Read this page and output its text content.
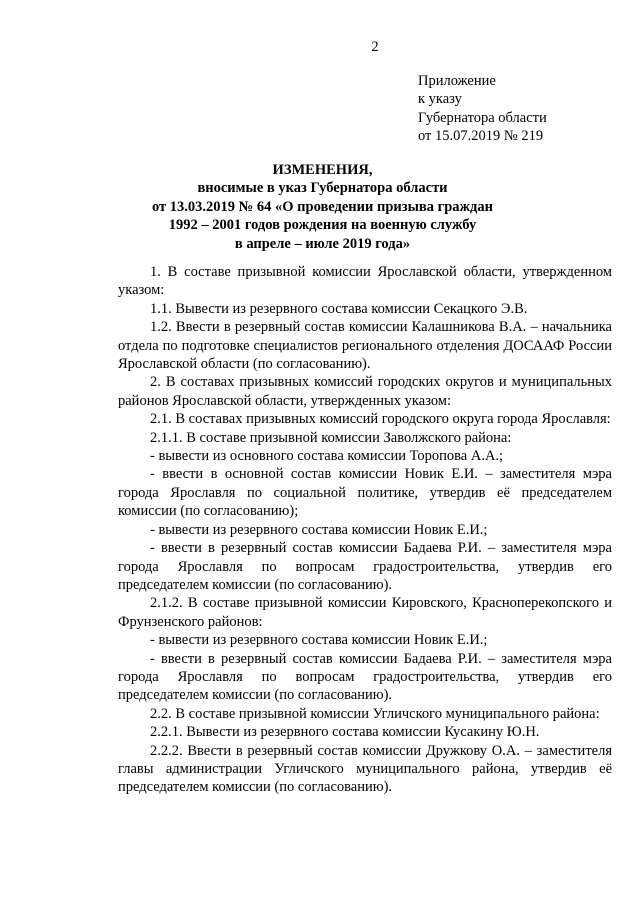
2
Приложение
к указу
Губернатора области
от 15.07.2019 № 219
ИЗМЕНЕНИЯ,
вносимые в указ Губернатора области
от 13.03.2019 № 64 «О проведении призыва граждан
1992 – 2001 годов рождения на военную службу
в апреле – июле 2019 года»

1. В составе призывной комиссии Ярославской области, утвержденном указом:

1.1. Вывести из резервного состава комиссии Секацкого Э.В.

1.2. Ввести в резервный состав комиссии Калашникова В.А. – начальника отдела по подготовке специалистов регионального отделения ДОСААФ России Ярославской области (по согласованию).

2. В составах призывных комиссий городских округов и муниципальных районов Ярославской области, утвержденных указом:

2.1. В составах призывных комиссий городского округа города Ярославля:

2.1.1. В составе призывной комиссии Заволжского района:

- вывести из основного состава комиссии Торопова А.А.;

- ввести в основной состав комиссии Новик Е.И. – заместителя мэра города Ярославля по социальной политике, утвердив её председателем комиссии (по согласованию);

- вывести из резервного состава комиссии Новик Е.И.;

- ввести в резервный состав комиссии Бадаева Р.И. – заместителя мэра города Ярославля по вопросам градостроительства, утвердив его председателем комиссии (по согласованию).

2.1.2. В составе призывной комиссии Кировского, Красноперекопского и Фрунзенского районов:

- вывести из резервного состава комиссии Новик Е.И.;

- ввести в резервный состав комиссии Бадаева Р.И. – заместителя мэра города Ярославля по вопросам градостроительства, утвердив его председателем комиссии (по согласованию).

2.2. В составе призывной комиссии Угличского муниципального района:

2.2.1. Вывести из резервного состава комиссии Кусакину Ю.Н.

2.2.2. Ввести в резервный состав комиссии Дружкову О.А. – заместителя главы администрации Угличского муниципального района, утвердив её председателем комиссии (по согласованию).
